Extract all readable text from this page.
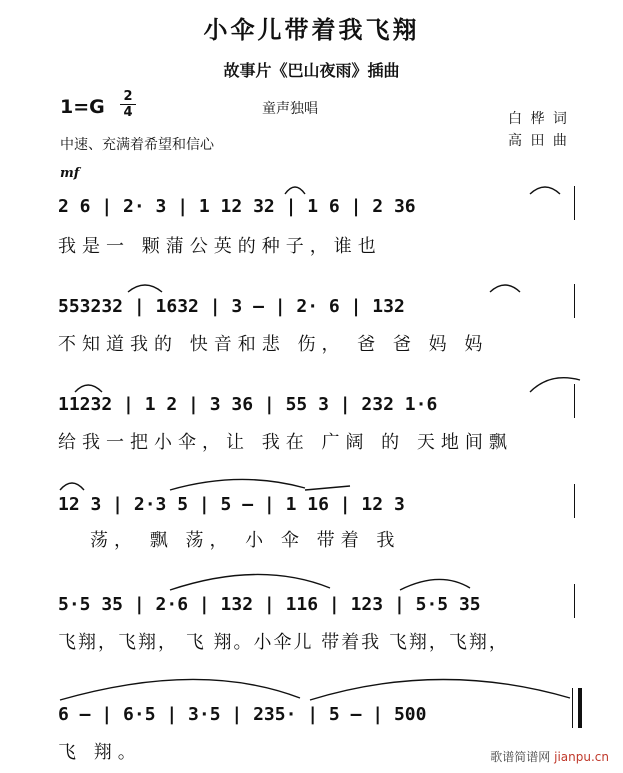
小伞儿带着我飞翔
故事片《巴山夜雨》插曲
1=G 2
4	童声独唱
白 桦 词
高 田 曲
中速、充满着希望和信心
mf
2 6 | 2· 3 | 1 12 32 | 1 6 | 2 36
我是一 颗蒲公英的种子，谁也
553232 | 1632 | 3 — | 2· 6 | 132
不知道我的 快音和悲 伤， 爸 爸 妈 妈
11232 | 1 2 | 3 36 | 55 3 | 232 1·6
给我一把小伞，让 我在 广阔 的 天地间飘
12 3 | 2·3 5 | 5 — | 1 16 | 12 3
荡， 飘 荡， 小 伞 带着 我
5·5 35 | 2·6 | 132 | 116 | 123 | 5·5 35
飞翔，飞翔， 飞 翔。小伞儿 带着我 飞翔，飞翔，
6 — | 6·5 | 3·5 | 235· | 5 — | 500
飞 翔。	歌谱简谱网 jianpu.cn
